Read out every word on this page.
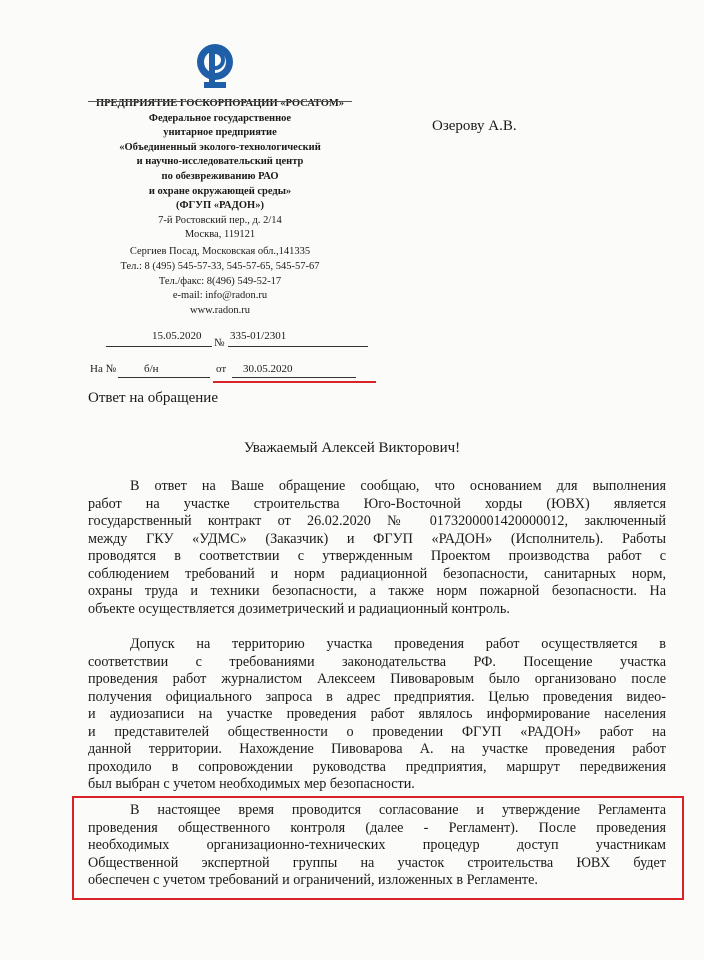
ПРЕДПРИЯТИЕ ГОСКОРПОРАЦИИ «РОСАТОМ»
Федеральное государственное
унитарное предприятие
«Объединенный эколого-технологический
и научно-исследовательский центр
по обезвреживанию РАО
и охране окружающей среды»
(ФГУП «РАДОН»)
7-й Ростовский пер., д. 2/14
Москва, 119121
Сергиев Посад, Московская обл.,141335
Тел.: 8 (495) 545-57-33, 545-57-65, 545-57-67
Тел./факс: 8(496) 549-52-17
e-mail: info@radon.ru
www.radon.ru
Озерову А.В.
15.05.2020
№
335-01/2301
На №	б/н	от 30.05.2020
Ответ на обращение
Уважаемый Алексей Викторович!
В ответ на Ваше обращение сообщаю, что основанием для выполнения
работ на участке строительства Юго-Восточной хорды (ЮВХ) является
государственный контракт от 26.02.2020 № 0173200001420000012, заключенный
между ГКУ «УДМС» (Заказчик) и ФГУП «РАДОН» (Исполнитель). Работы
проводятся в соответствии с утвержденным Проектом производства работ с
соблюдением требований и норм радиационной безопасности, санитарных норм,
охраны труда и техники безопасности, а также норм пожарной безопасности. На
объекте осуществляется дозиметрический и радиационный контроль.
Допуск на территорию участка проведения работ осуществляется в
соответствии с требованиями законодательства РФ. Посещение участка
проведения работ журналистом Алексеем Пивоваровым было организовано после
получения официального запроса в адрес предприятия. Целью проведения видео-
и аудиозаписи на участке проведения работ являлось информирование населения
и представителей общественности о проведении ФГУП «РАДОН» работ на
данной территории. Нахождение Пивоварова А. на участке проведения работ
проходило в сопровождении руководства предприятия, маршрут передвижения
был выбран с учетом необходимых мер безопасности.
В настоящее время проводится согласование и утверждение Регламента
проведения общественного контроля (далее - Регламент). После проведения
необходимых организационно-технических процедур доступ участникам
Общественной экспертной группы на участок строительства ЮВХ будет
обеспечен с учетом требований и ограничений, изложенных в Регламенте.
